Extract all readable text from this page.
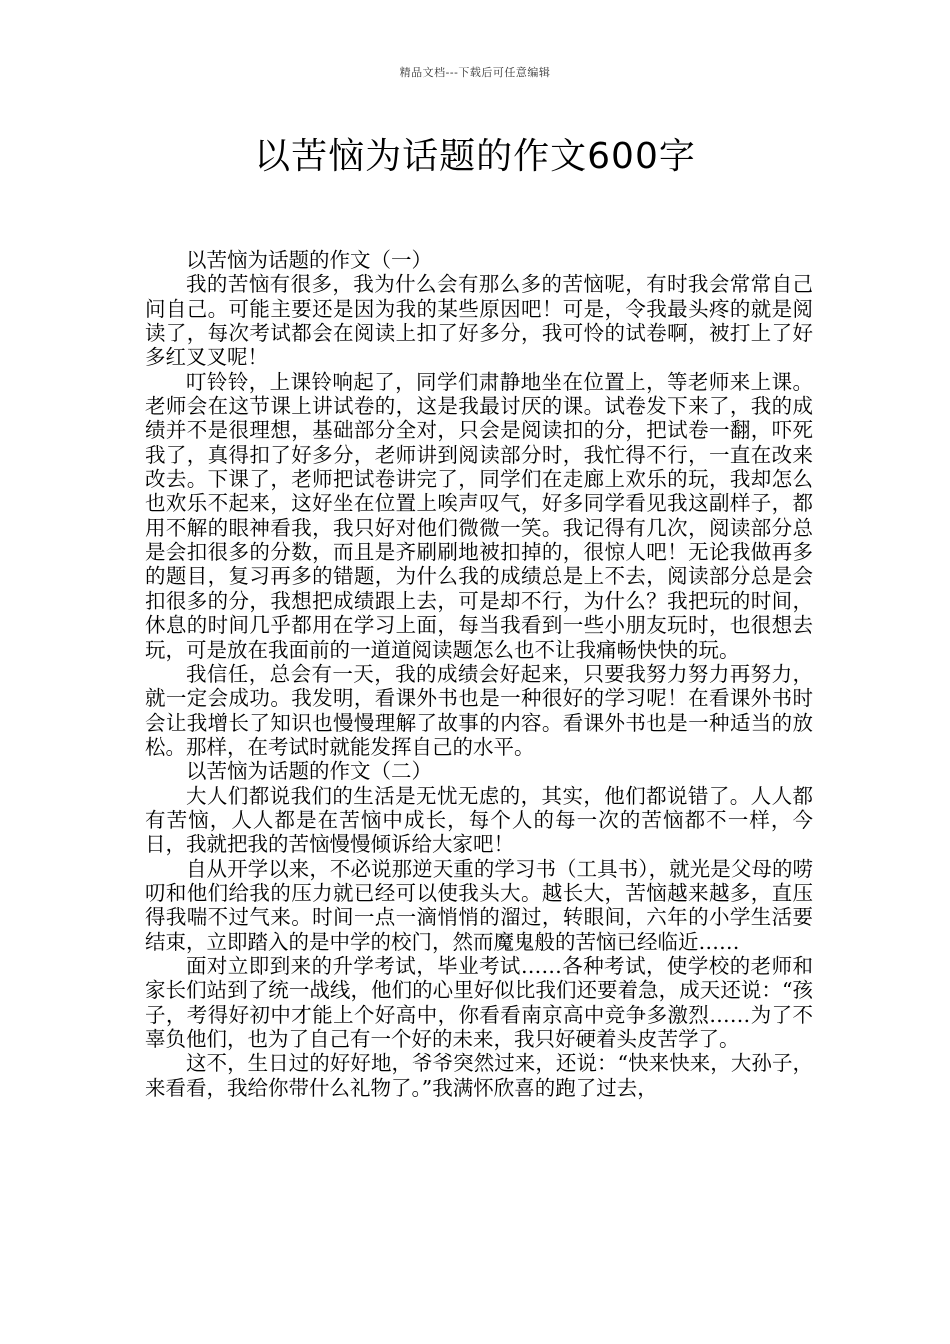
精品文档---下载后可任意编辑
以苦恼为话题的作文600字

以苦恼为话题的作文（一）

我的苦恼有很多，我为什么会有那么多的苦恼呢，有时我会常常自己问自己。可能主要还是因为我的某些原因吧！可是，令我最头疼的就是阅读了，每次考试都会在阅读上扣了好多分，我可怜的试卷啊，被打上了好多红叉叉呢！

叮铃铃，上课铃响起了，同学们肃静地坐在位置上，等老师来上课。老师会在这节课上讲试卷的，这是我最讨厌的课。试卷发下来了，我的成绩并不是很理想，基础部分全对，只会是阅读扣的分，把试卷一翻，吓死我了，真得扣了好多分，老师讲到阅读部分时，我忙得不行，一直在改来改去。下课了，老师把试卷讲完了，同学们在走廊上欢乐的玩，我却怎么也欢乐不起来，这好坐在位置上唉声叹气，好多同学看见我这副样子，都用不解的眼神看我，我只好对他们微微一笑。我记得有几次，阅读部分总是会扣很多的分数，而且是齐刷刷地被扣掉的，很惊人吧！无论我做再多的题目，复习再多的错题，为什么我的成绩总是上不去，阅读部分总是会扣很多的分，我想把成绩跟上去，可是却不行，为什么？我把玩的时间，休息的时间几乎都用在学习上面，每当我看到一些小朋友玩时，也很想去玩，可是放在我面前的一道道阅读题怎么也不让我痛畅快快的玩。

我信任，总会有一天，我的成绩会好起来，只要我努力努力再努力，就一定会成功。我发明，看课外书也是一种很好的学习呢！在看课外书时会让我增长了知识也慢慢理解了故事的内容。看课外书也是一种适当的放松。那样，在考试时就能发挥自己的水平。

以苦恼为话题的作文（二）

大人们都说我们的生活是无忧无虑的，其实，他们都说错了。人人都有苦恼，人人都是在苦恼中成长，每个人的每一次的苦恼都不一样，今日，我就把我的苦恼慢慢倾诉给大家吧！

自从开学以来，不必说那逆天重的学习书（工具书），就光是父母的唠叨和他们给我的压力就已经可以使我头大。越长大，苦恼越来越多，直压得我喘不过气来。时间一点一滴悄悄的溜过，转眼间，六年的小学生活要结束，立即踏入的是中学的校门，然而魔鬼般的苦恼已经临近……

面对立即到来的升学考试，毕业考试……各种考试，使学校的老师和家长们站到了统一战线，他们的心里好似比我们还要着急，成天还说：“孩子，考得好初中才能上个好高中，你看看南京高中竞争多激烈……为了不辜负他们，也为了自己有一个好的未来，我只好硬着头皮苦学了。

这不，生日过的好好地，爷爷突然过来，还说：“快来快来，大孙子，来看看，我给你带什么礼物了。”我满怀欣喜的跑了过去，
